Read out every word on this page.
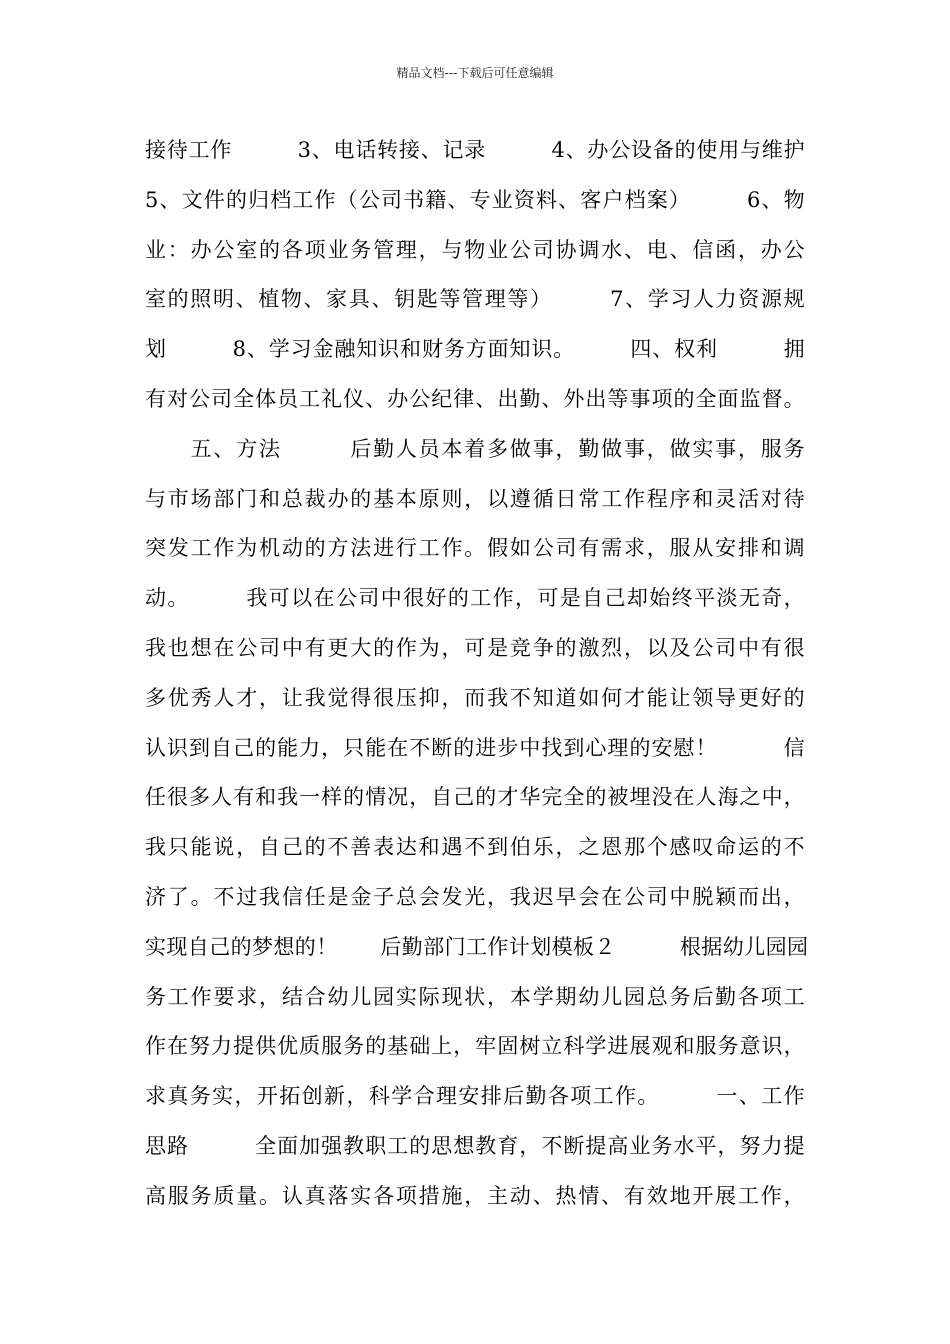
精品文档---下载后可任意编辑
接待工作　　　3、电话转接、记录　　　4、办公设备的使用与维护
5、文件的归档工作（公司书籍、专业资料、客户档案）　　　6、物
业：办公室的各项业务管理，与物业公司协调水、电、信函，办公
室的照明、植物、家具、钥匙等管理等）　　　7、学习人力资源规
划　　　8、学习金融知识和财务方面知识。　　　四、权利　　　拥
有对公司全体员工礼仪、办公纪律、出勤、外出等事项的全面监督。
　　五、方法　　　后勤人员本着多做事，勤做事，做实事，服务
与市场部门和总裁办的基本原则，以遵循日常工作程序和灵活对待
突发工作为机动的方法进行工作。假如公司有需求，服从安排和调
动。　　　我可以在公司中很好的工作，可是自己却始终平淡无奇，
我也想在公司中有更大的作为，可是竞争的激烈，以及公司中有很
多优秀人才，让我觉得很压抑，而我不知道如何才能让领导更好的
认识到自己的能力，只能在不断的进步中找到心理的安慰！　　　信
任很多人有和我一样的情况，自己的才华完全的被埋没在人海之中，
我只能说，自己的不善表达和遇不到伯乐，之恩那个感叹命运的不
济了。不过我信任是金子总会发光，我迟早会在公司中脱颖而出，
实现自己的梦想的！　　后勤部门工作计划模板２　　　根据幼儿园园
务工作要求，结合幼儿园实际现状，本学期幼儿园总务后勤各项工
作在努力提供优质服务的基础上，牢固树立科学进展观和服务意识，
求真务实，开拓创新，科学合理安排后勤各项工作。　　　一、工作
思路　　　全面加强教职工的思想教育，不断提高业务水平，努力提
高服务质量。认真落实各项措施，主动、热情、有效地开展工作，
